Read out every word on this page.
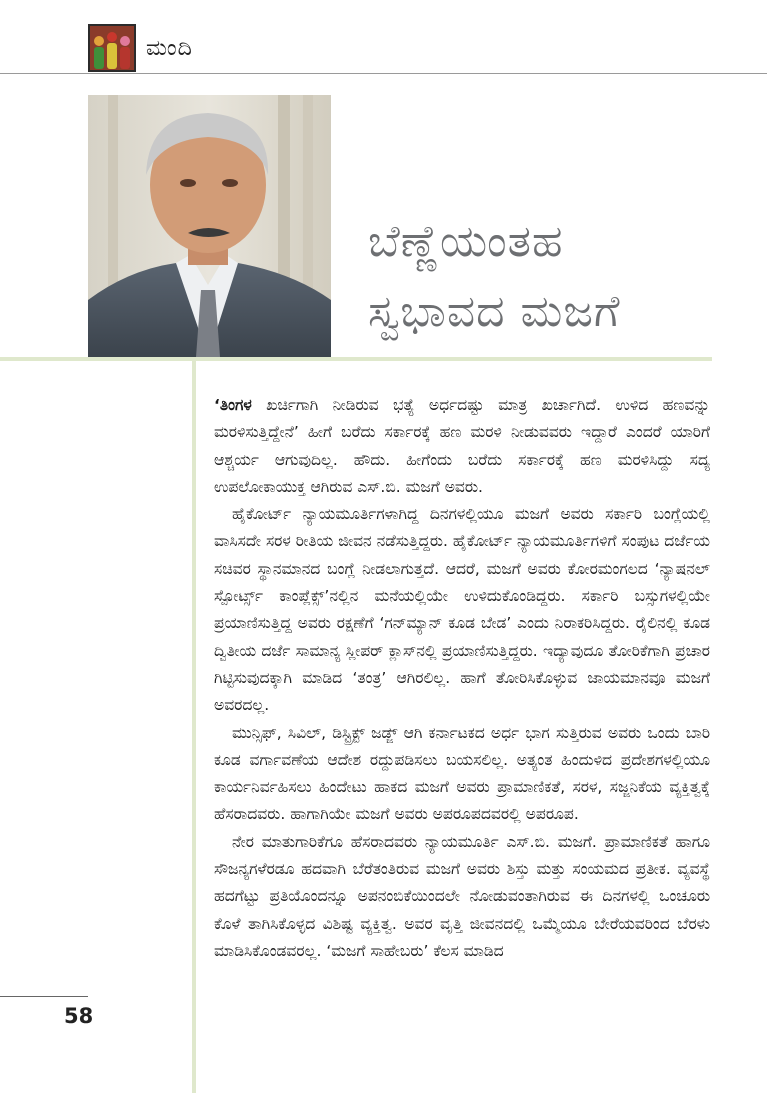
ಮಂದಿ
ಬೆಣ್ಣೆಯಂತಹ
ಸ್ವಭಾವದ ಮಜಗೆ

‘ತಿಂಗಳ ಖರ್ಚಿಗಾಗಿ ನೀಡಿರುವ ಭತ್ಯೆ ಅರ್ಧದಷ್ಟು ಮಾತ್ರ ಖರ್ಚಾಗಿದೆ. ಉಳಿದ ಹಣವನ್ನು ಮರಳಿಸುತ್ತಿದ್ದೇನೆ’ ಹೀಗೆ ಬರೆದು ಸರ್ಕಾರಕ್ಕೆ ಹಣ ಮರಳಿ ನೀಡುವವರು ಇದ್ದಾರೆ ಎಂದರೆ ಯಾರಿಗೆ ಆಶ್ಚರ್ಯ ಆಗುವುದಿಲ್ಲ. ಹೌದು. ಹೀಗೆಂದು ಬರೆದು ಸರ್ಕಾರಕ್ಕೆ ಹಣ ಮರಳಿಸಿದ್ದು ಸದ್ಯ ಉಪಲೋಕಾಯುಕ್ತ ಆಗಿರುವ ಎಸ್.ಬಿ. ಮಜಗೆ ಅವರು.

ಹೈಕೋರ್ಟ್ ನ್ಯಾಯಮೂರ್ತಿಗಳಾಗಿದ್ದ ದಿನಗಳಲ್ಲಿಯೂ ಮಜಗೆ ಅವರು ಸರ್ಕಾರಿ ಬಂಗ್ಲೆಯಲ್ಲಿ ವಾಸಿಸದೇ ಸರಳ ರೀತಿಯ ಜೀವನ ನಡೆಸುತ್ತಿದ್ದರು. ಹೈಕೋರ್ಟ್ ನ್ಯಾಯಮೂರ್ತಿಗಳಿಗೆ ಸಂಪುಟ ದರ್ಜೆಯ ಸಚಿವರ ಸ್ಥಾನಮಾನದ ಬಂಗ್ಲೆ ನೀಡಲಾಗುತ್ತದೆ. ಆದರೆ, ಮಜಗೆ ಅವರು ಕೋರಮಂಗಲದ ‘ನ್ಯಾಷನಲ್ ಸ್ಪೋರ್ಟ್ಸ್ ಕಾಂಪ್ಲೆಕ್ಸ್’ನಲ್ಲಿನ ಮನೆಯಲ್ಲಿಯೇ ಉಳಿದುಕೊಂಡಿದ್ದರು. ಸರ್ಕಾರಿ ಬಸ್ಸುಗಳಲ್ಲಿಯೇ ಪ್ರಯಾಣಿಸುತ್ತಿದ್ದ ಅವರು ರಕ್ಷಣೆಗೆ ‘ಗನ್‌ಮ್ಯಾನ್ ಕೂಡ ಬೇಡ’ ಎಂದು ನಿರಾಕರಿಸಿದ್ದರು. ರೈಲಿನಲ್ಲಿ ಕೂಡ ದ್ವಿತೀಯ ದರ್ಜೆ ಸಾಮಾನ್ಯ ಸ್ಲೀಪರ್ ಕ್ಲಾಸ್‌ನಲ್ಲಿ ಪ್ರಯಾಣಿಸುತ್ತಿದ್ದರು. ಇದ್ಯಾವುದೂ ತೋರಿಕೆಗಾಗಿ ಪ್ರಚಾರ ಗಿಟ್ಟಿಸುವುದಕ್ಕಾಗಿ ಮಾಡಿದ ‘ತಂತ್ರ’ ಆಗಿರಲಿಲ್ಲ. ಹಾಗೆ ತೋರಿಸಿಕೊಳ್ಳುವ ಜಾಯಮಾನವೂ ಮಜಗೆ ಅವರದಲ್ಲ.

ಮುನ್ಸಿಫ್, ಸಿವಿಲ್, ಡಿಸ್ಟ್ರಿಕ್ಟ್ ಜಡ್ಜ್ ಆಗಿ ಕರ್ನಾಟಕದ ಅರ್ಧ ಭಾಗ ಸುತ್ತಿರುವ ಅವರು ಒಂದು ಬಾರಿ ಕೂಡ ವರ್ಗಾವಣೆಯ ಆದೇಶ ರದ್ದುಪಡಿಸಲು ಬಯಸಲಿಲ್ಲ. ಅತ್ಯಂತ ಹಿಂದುಳಿದ ಪ್ರದೇಶಗಳಲ್ಲಿಯೂ ಕಾರ್ಯನಿರ್ವಹಿಸಲು ಹಿಂದೇಟು ಹಾಕದ ಮಜಗೆ ಅವರು ಪ್ರಾಮಾಣಿಕತೆ, ಸರಳ, ಸಜ್ಜನಿಕೆಯ ವ್ಯಕ್ತಿತ್ವಕ್ಕೆ ಹೆಸರಾದವರು. ಹಾಗಾಗಿಯೇ ಮಜಗೆ ಅವರು ಅಪರೂಪದವರಲ್ಲಿ ಅಪರೂಪ.

ನೇರ ಮಾತುಗಾರಿಕೆಗೂ ಹೆಸರಾದವರು ನ್ಯಾಯಮೂರ್ತಿ ಎಸ್.ಬಿ. ಮಜಗೆ. ಪ್ರಾಮಾಣಿಕತೆ ಹಾಗೂ ಸೌಜನ್ಯಗಳೆರಡೂ ಹದವಾಗಿ ಬೆರೆತಂತಿರುವ ಮಜಗೆ ಅವರು ಶಿಸ್ತು ಮತ್ತು ಸಂಯಮದ ಪ್ರತೀಕ. ವ್ಯವಸ್ಥೆ ಹದಗೆಟ್ಟು ಪ್ರತಿಯೊಂದನ್ನೂ ಅಪನಂಬಿಕೆಯಿಂದಲೇ ನೋಡುವಂತಾಗಿರುವ ಈ ದಿನಗಳಲ್ಲಿ ಒಂಚೂರು ಕೊಳೆ ತಾಗಿಸಿಕೊಳ್ಳದ ವಿಶಿಷ್ಟ ವ್ಯಕ್ತಿತ್ವ. ಅವರ ವೃತ್ತಿ ಜೀವನದಲ್ಲಿ ಒಮ್ಮೆಯೂ ಬೇರೆಯವರಿಂದ ಬೆರಳು ಮಾಡಿಸಿಕೊಂಡವರಲ್ಲ. ‘ಮಜಗೆ ಸಾಹೇಬರು’ ಕೆಲಸ ಮಾಡಿದ

58
